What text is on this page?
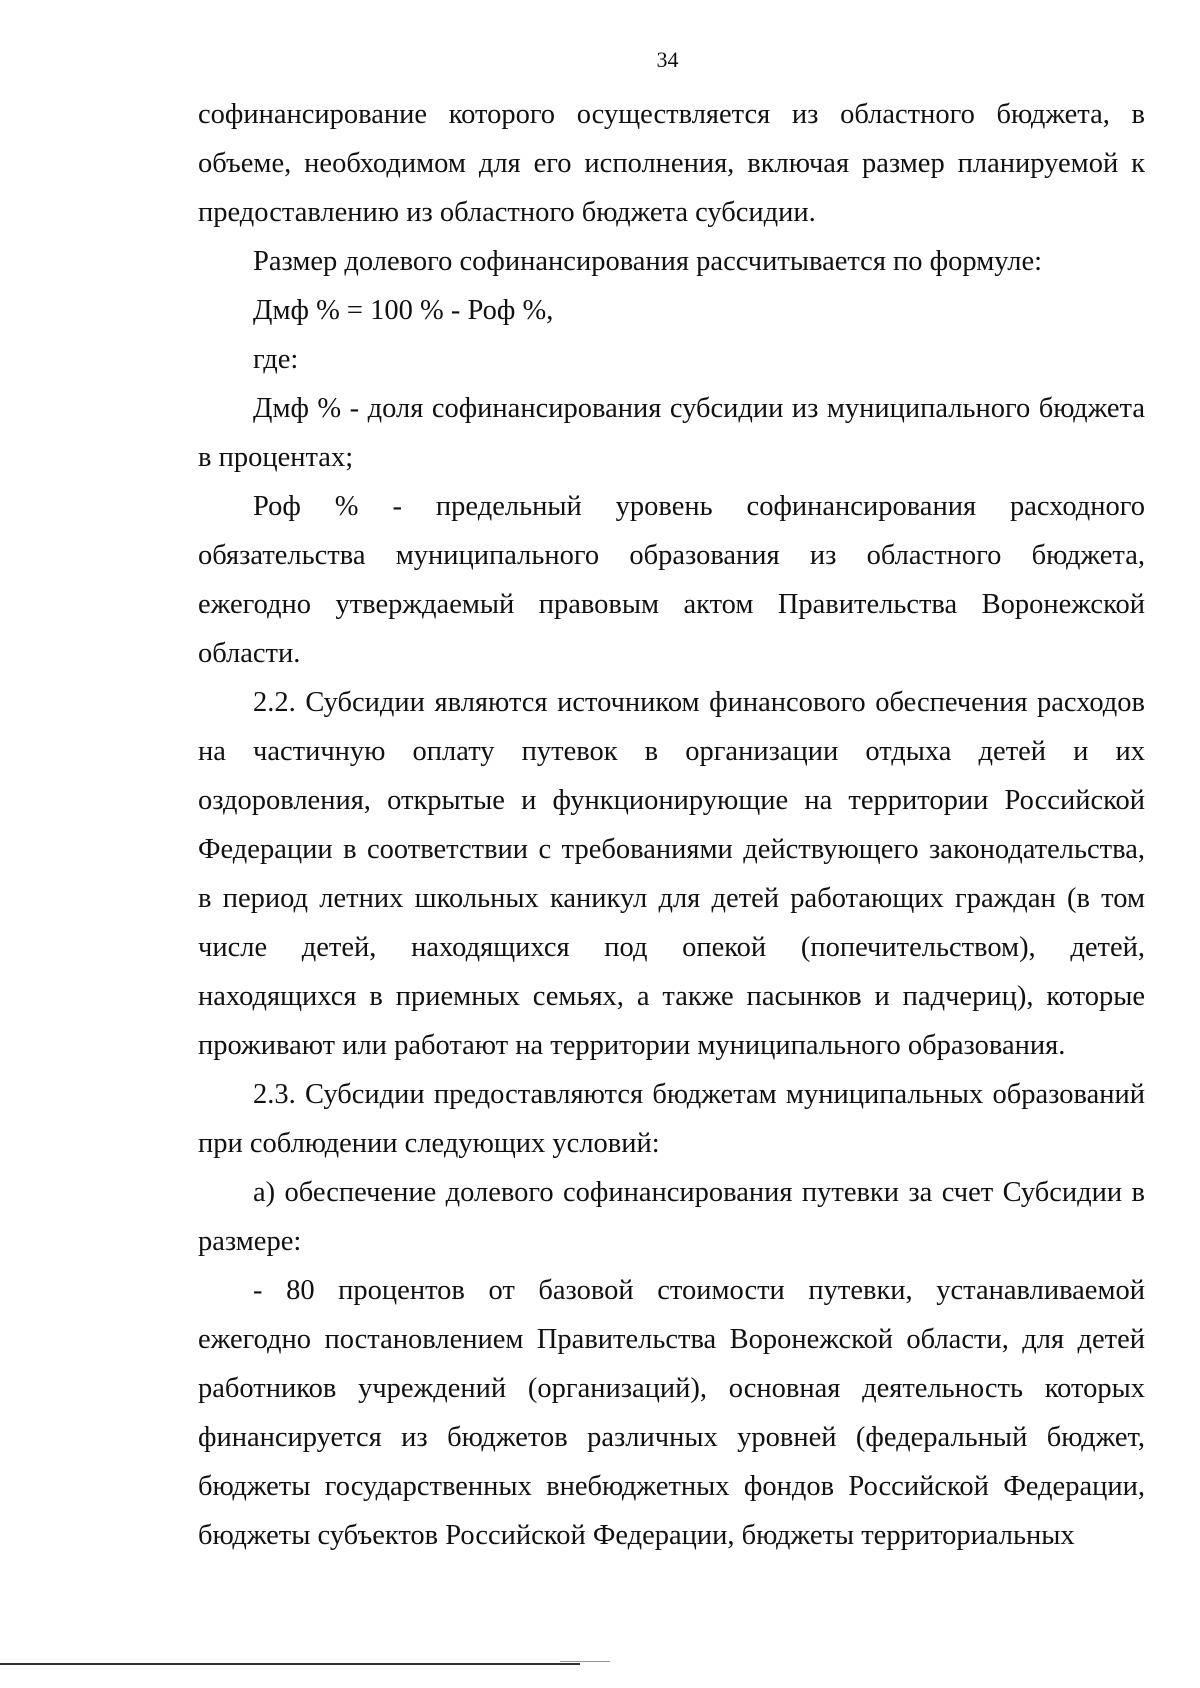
34

софинансирование которого осуществляется из областного бюджета, в объеме, необходимом для его исполнения, включая размер планируемой к предоставлению из областного бюджета субсидии.

Размер долевого софинансирования рассчитывается по формуле:

Дмф % = 100 % - Роф %,

где:

Дмф % - доля софинансирования субсидии из муниципального бюджета в процентах;

Роф % - предельный уровень софинансирования расходного обязательства муниципального образования из областного бюджета, ежегодно утверждаемый правовым актом Правительства Воронежской области.

2.2. Субсидии являются источником финансового обеспечения расходов на частичную оплату путевок в организации отдыха детей и их оздоровления, открытые и функционирующие на территории Российской Федерации в соответствии с требованиями действующего законодательства, в период летних школьных каникул для детей работающих граждан (в том числе детей, находящихся под опекой (попечительством), детей, находящихся в приемных семьях, а также пасынков и падчериц), которые проживают или работают на территории муниципального образования.

2.3. Субсидии предоставляются бюджетам муниципальных образований при соблюдении следующих условий:

а) обеспечение долевого софинансирования путевки за счет Субсидии в размере:

- 80 процентов от базовой стоимости путевки, устанавливаемой ежегодно постановлением Правительства Воронежской области, для детей работников учреждений (организаций), основная деятельность которых финансируется из бюджетов различных уровней (федеральный бюджет, бюджеты государственных внебюджетных фондов Российской Федерации, бюджеты субъектов Российской Федерации, бюджеты территориальных
